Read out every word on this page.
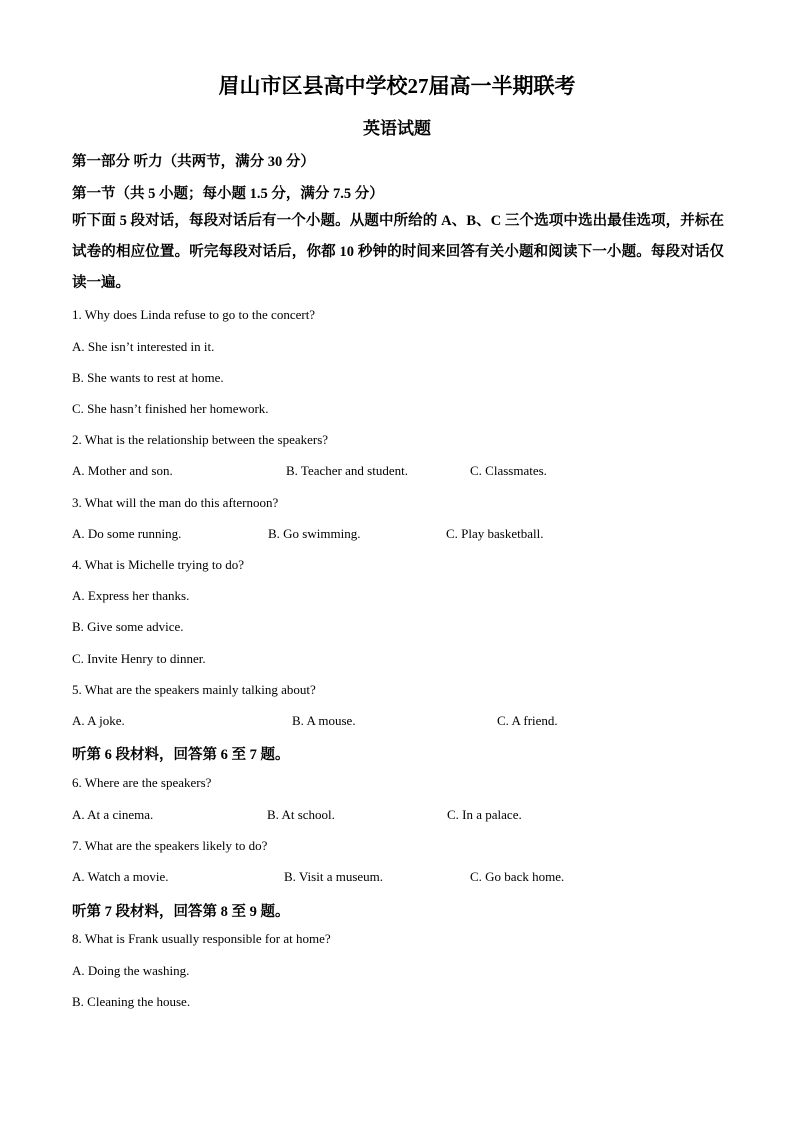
眉山市区县高中学校27届高一半期联考
英语试题
第一部分 听力（共两节，满分 30 分）
第一节（共 5 小题；每小题 1.5 分，满分 7.5 分）
听下面 5 段对话，每段对话后有一个小题。从题中所给的 A、B、C 三个选项中选出最佳选项，并标在试卷的相应位置。听完每段对话后，你都 10 秒钟的时间来回答有关小题和阅读下一小题。每段对话仅读一遍。
1. Why does Linda refuse to go to the concert?
A. She isn’t interested in it.
B. She wants to rest at home.
C. She hasn’t finished her homework.
2. What is the relationship between the speakers?
A. Mother and son.	B. Teacher and student.	C. Classmates.
3. What will the man do this afternoon?
A. Do some running.	B. Go swimming.	C. Play basketball.
4. What is Michelle trying to do?
A. Express her thanks.
B. Give some advice.
C. Invite Henry to dinner.
5. What are the speakers mainly talking about?
A. A joke.	B. A mouse.	C. A friend.
听第 6 段材料，回答第 6 至 7 题。
6. Where are the speakers?
A. At a cinema.	B. At school.	C. In a palace.
7. What are the speakers likely to do?
A. Watch a movie.	B. Visit a museum.	C. Go back home.
听第 7 段材料，回答第 8 至 9 题。
8. What is Frank usually responsible for at home?
A. Doing the washing.
B. Cleaning the house.
